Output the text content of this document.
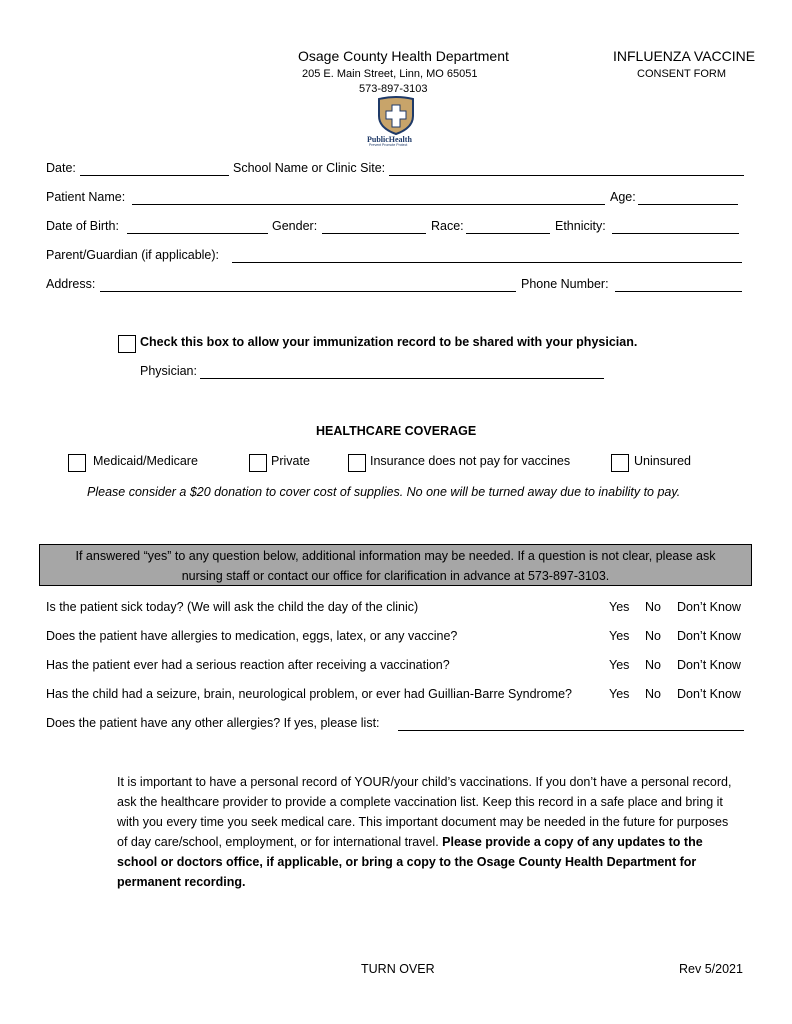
Osage County Health Department
205 E. Main Street, Linn, MO 65051
573-897-3103
INFLUENZA VACCINE
CONSENT FORM
PublicHealth
Prevent Promote Protect
Date:	School Name or Clinic Site:
Patient Name:	Age:
Date of Birth:	Gender:	Race:	Ethnicity:
Parent/Guardian (if applicable):
Address:	Phone Number:
Check this box to allow your immunization record to be shared with your physician.
Physician:
HEALTHCARE COVERAGE
Medicaid/Medicare	Private	Insurance does not pay for vaccines	Uninsured
Please consider a $20 donation to cover cost of supplies. No one will be turned away due to inability to pay.
If answered “yes” to any question below, additional information may be needed. If a question is not clear, please ask
nursing staff or contact our office for clarification in advance at 573-897-3103.
Is the patient sick today? (We will ask the child the day of the clinic)	Yes No Don’t Know
Does the patient have allergies to medication, eggs, latex, or any vaccine?	Yes No Don’t Know
Has the patient ever had a serious reaction after receiving a vaccination?	Yes No Don’t Know
Has the child had a seizure, brain, neurological problem, or ever had Guillian-Barre Syndrome?	Yes No Don’t Know
Does the patient have any other allergies? If yes, please list:
It is important to have a personal record of YOUR/your child’s vaccinations. If you don’t have a personal record, ask the healthcare provider to provide a complete vaccination list. Keep this record in a safe place and bring it with you every time you seek medical care. This important document may be needed in the future for purposes of day care/school, employment, or for international travel. Please provide a copy of any updates to the school or doctors office, if applicable, or bring a copy to the Osage County Health Department for permanent recording.
TURN OVER	Rev 5/2021
